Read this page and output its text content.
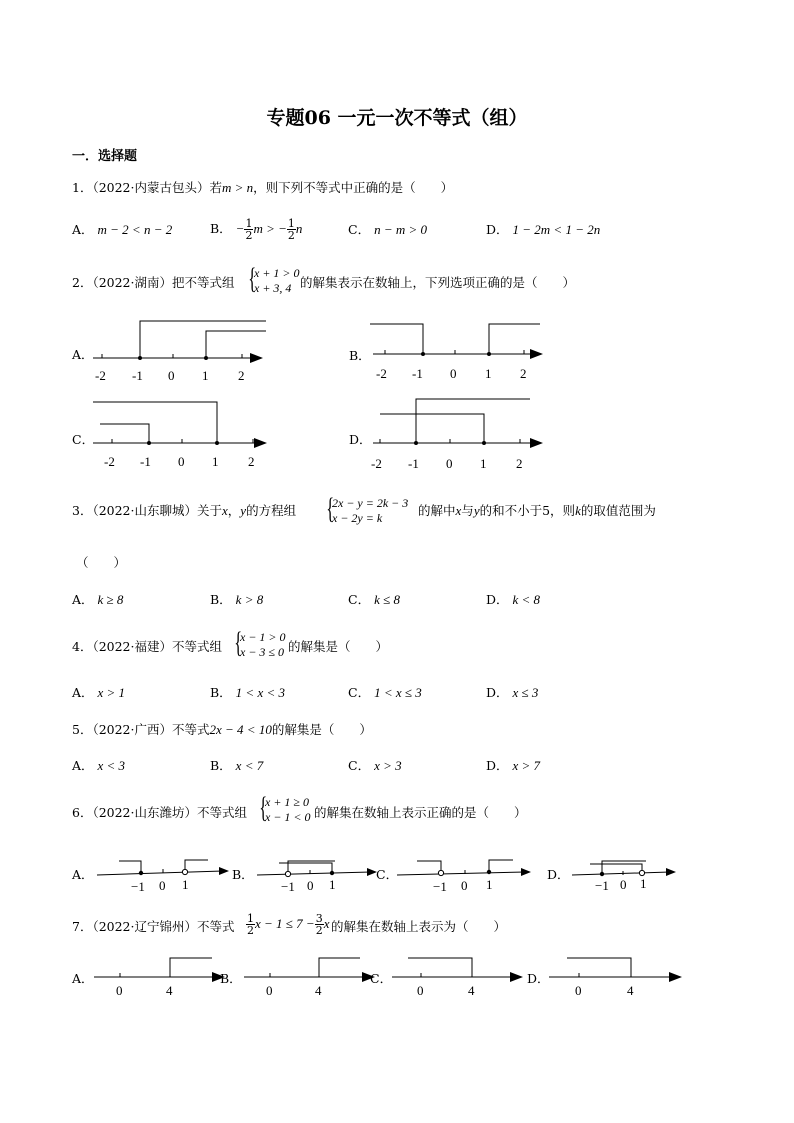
专题06 一元一次不等式（组）
一．选择题
1．（2022·内蒙古包头）若m > n，则下列不等式中正确的是（　　）
A． m − 2 < n − 2	B． − $\frac{1}{2}$ m > − $\frac{1}{2}$ n	C． n − m > 0	D． 1 − 2m < 1 − 2n
2．（2022·湖南）把不等式组 {
x + 1 > 0
x + 3, 4 的解集表示在数轴上，下列选项正确的是（　　）
A．
-2 -1 0 1 2
B．
-2 -1 0 1 2
C．
-2 -1 0 1 2
D．
-2 -1 0 1 2
3．（2022·山东聊城）关于x，y的方程组 {
2x − y = 2k − 3
x − 2y = k	的解中x与y的和不小于5，则k的取值范围为
（　　）
A． k ≥ 8	B． k > 8	C． k ≤ 8	D． k < 8
4．（2022·福建）不等式组 {
x − 1 > 0
x − 3 ≤ 0 的解集是（　　）
A． x > 1	B． 1 < x < 3	C． 1 < x ≤ 3	D． x ≤ 3
5．（2022·广西）不等式2x − 4 < 10的解集是（　　）
A． x < 3	B． x < 7	C． x > 3	D． x > 7
6．（2022·山东潍坊）不等式组 {
x + 1 ≥ 0
x − 1 < 0 的解集在数轴上表示正确的是（　　）
A．
−1 0 1
B．
−1 0 1
C．
−1 0 1
D．
−1 0 1
7．（2022·辽宁锦州）不等式 $\frac{1}{2}$ $x - 1 \le 7 - \frac{3}{2}$ x 的解集在数轴上表示为（　　）
A．
0	4
B．
0	4
C．
0	4
D．
0	4
